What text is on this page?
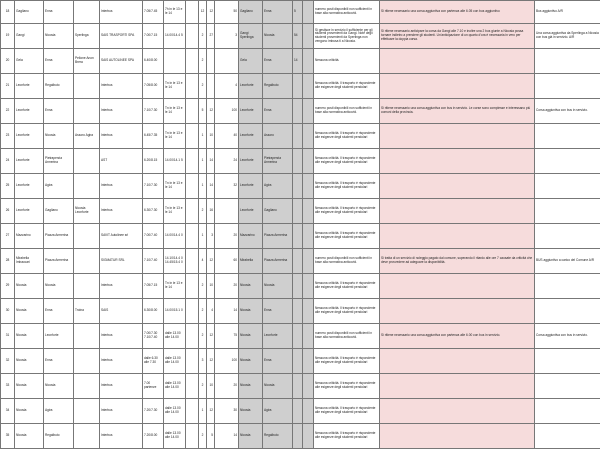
18	Gagliano	Enna		Interbus	7.05/7.45	7h in le 13 e le 14		12	12	50	Gagliano	Enna	5		numero posti disponibili non sufficienti in base alla normativa anticovid.	Si ritiene necessario una corsa aggiuntiva con partenza alle 6.05 con bus aggiuntivo	Bus aggiuntivo A/R
19	Gangi	Nicosia	Sperlinga	SAIS TRASPORTI SPA	7.00/7.15	14.00/14.4 5		2	27	3	Gangi Sperlinga	Nicosia	54		Si gestisce in servizio il sufficiente per gli studenti provenienti da Gangi. Note degli studenti provenienti da Sperlinga non vengono imbusa ti a Nicosia.	Si ritiene necessario anticipare la corsa da Gangi alle 7.10 e inoltre una 2 bus giunte a Nicosia possa tornare indietro a prendere gli studenti. Un'anticipazione di un quarto d'ora è necessaria in vero per effettuare la doppia corsa.	Una corsa aggiuntiva da Sperlinga a Nicosia con bus già in servizio. A/R
20	Gela	Enna	Pelione Anon Brera	SAIS AUTOLINEE SPA	6.40/8.00			2			Gela	Enna	14		Nessuna criticità.		
21	Leonforte	Regalbuto		Interbus	7.05/8.00	Tn in le 13 e le 14		2		4	Leonforte	Regalbuto			Nessuna criticità. Il trasporto è rispondente alle esigenze degli studenti pendolari		
22	Leonforte	Enna		Interbus	7.10/7.30	Tn in le 13 e le 14		5	12	100	Leonforte	Enna			numero posti disponibili non sufficienti in base alla normativa anticovid.	Si ritiene necessario una corsa aggiuntiva con bus in servizio. Le corse sono complesse e interessano più comuni della provincia.	Corsa aggiuntiva con bus in servizio.
23	Leonforte	Nicosia	Assoro Agira	Interbus	6.45/7.35	Tn in le 13 e le 14		1	10	40	Leonforte	Assoro			Nessuna criticità. Il trasporto è rispondente alle esigenze degli studenti pendolari		
24	Leonforte	Pietraperzia Armerina		AST	6.20/8.15	14.00/14.1 5		1	14	24	Leonforte	Pietraperzia Armerina			Nessuna criticità. Il trasporto è rispondente alle esigenze degli studenti pendolari		
25	Leonforte	Agira		Interbus	7.10/7.30	Tn in le 13 e le 14		1	14	32	Leonforte	Agira			Nessuna criticità. Il trasporto è rispondente alle esigenze degli studenti pendolari		
26	Leonforte	Gagliano	Nicosia Leonforte	Interbus	6.30/7.30	Tn in le 13 e le 14		2	16		Leonforte	Gagliano			Nessuna criticità. Il trasporto è rispondente alle esigenze degli studenti pendolari		
27	Mazzarino	Piazza Armerina		SAVIT Autolinee srl	7.00/7.40	14.00/14.4 0		1	3	20	Mazzarino	Piazza Armerina			Nessuna criticità. Il trasporto è rispondente alle esigenze degli studenti pendolari		
28	Mirabella Imbaccari	Piazza Armerina		SIGMATUR SRL	7.10/7.40	14.10/14.4 0 14.45/15.4 0		4	12	60	Mirabella	Piazza Armerina			numero posti disponibili non sufficienti in base alla normativa anticovid.	Si tratta di un servizio di noleggio pagato dal comune, superando il ritardo alle ore 7 causate da criticità che deve provvedere ad adeguare la disponibilità.	BUS aggiuntivo a carico del Comune A/R
29	Nicosia	Nicosia		Interbus	7.05/7.15	Tn in le 13 e le 14		2	10	20	Nicosia	Nicosia			Nessuna criticità. Il trasporto è rispondente alle esigenze degli studenti pendolari		
30	Nicosia	Enna	Troina	SAIS	6.30/8.00	14.00/15.1 0		2	4	14	Nicosia	Enna			Nessuna criticità. Il trasporto è rispondente alle esigenze degli studenti pendolari		
31	Nicosia	Leonforte		Interbus	7.00/7.30 7.10/7.40	dalle 13.00 alle 14.00		2	12	75	Nicosia	Leonforte			numero posti disponibili non sufficienti in base alla normativa anticovid.	Si ritiene necessario una corsa aggiuntiva con partenza alle 6.00 con bus in servizio.	Corsa aggiuntiva con bus in servizio.
32	Nicosia	Enna		Interbus	dalle 6.30 alle 7.30	dalle 13.00 alle 14.00		3	12	100	Nicosia	Enna			Nessuna criticità. Il trasporto è rispondente alle esigenze degli studenti pendolari		
33	Nicosia	Nicosia		Interbus	7.00 partenze	dalle 13.00 alle 14.00		2	10	20	Nicosia	Nicosia			Nessuna criticità. Il trasporto è rispondente alle esigenze degli studenti pendolari		
34	Nicosia	Agira		Interbus	7.20/7.30	dalle 13.00 alle 14.00		1	12	30	Nicosia	Agira			Nessuna criticità. Il trasporto è rispondente alle esigenze degli studenti pendolari		
35	Nicosia	Regalbuto		Interbus	7.20/8.00	dalle 13.00 alle 14.00		2	5	14	Nicosia	Regalbuto			Nessuna criticità. Il trasporto è rispondente alle esigenze degli studenti pendolari		
